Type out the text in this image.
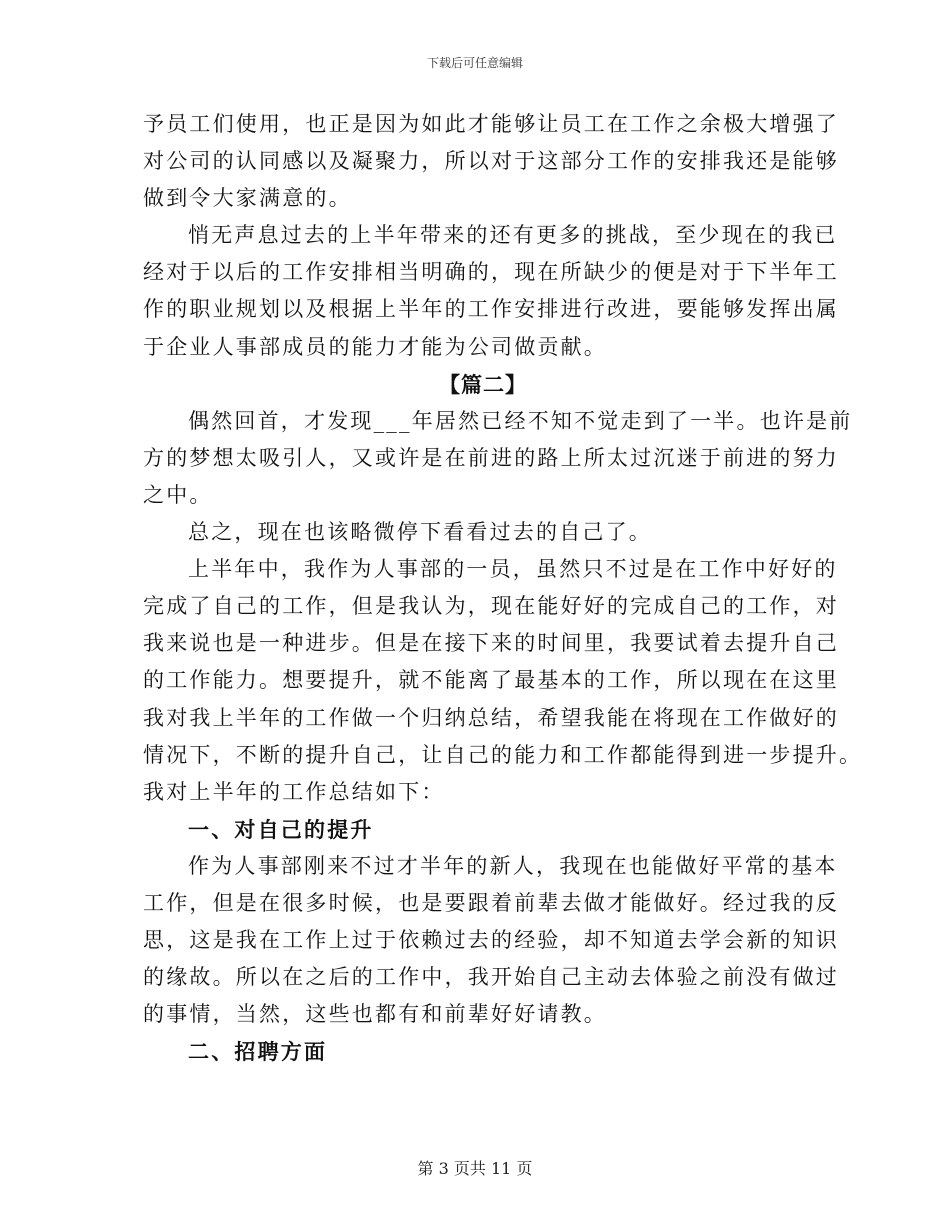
下载后可任意编辑
予员工们使用，也正是因为如此才能够让员工在工作之余极大增强了
对公司的认同感以及凝聚力，所以对于这部分工作的安排我还是能够
做到令大家满意的。
悄无声息过去的上半年带来的还有更多的挑战，至少现在的我已
经对于以后的工作安排相当明确的，现在所缺少的便是对于下半年工
作的职业规划以及根据上半年的工作安排进行改进，要能够发挥出属
于企业人事部成员的能力才能为公司做贡献。
【篇二】
偶然回首，才发现___年居然已经不知不觉走到了一半。也许是前
方的梦想太吸引人，又或许是在前进的路上所太过沉迷于前进的努力
之中。
总之，现在也该略微停下看看过去的自己了。
上半年中，我作为人事部的一员，虽然只不过是在工作中好好的
完成了自己的工作，但是我认为，现在能好好的完成自己的工作，对
我来说也是一种进步。但是在接下来的时间里，我要试着去提升自己
的工作能力。想要提升，就不能离了最基本的工作，所以现在在这里
我对我上半年的工作做一个归纳总结，希望我能在将现在工作做好的
情况下，不断的提升自己，让自己的能力和工作都能得到进一步提升。
我对上半年的工作总结如下：
一、对自己的提升
作为人事部刚来不过才半年的新人，我现在也能做好平常的基本
工作，但是在很多时候，也是要跟着前辈去做才能做好。经过我的反
思，这是我在工作上过于依赖过去的经验，却不知道去学会新的知识
的缘故。所以在之后的工作中，我开始自己主动去体验之前没有做过
的事情，当然，这些也都有和前辈好好请教。
二、招聘方面
第 3 页共 11 页
